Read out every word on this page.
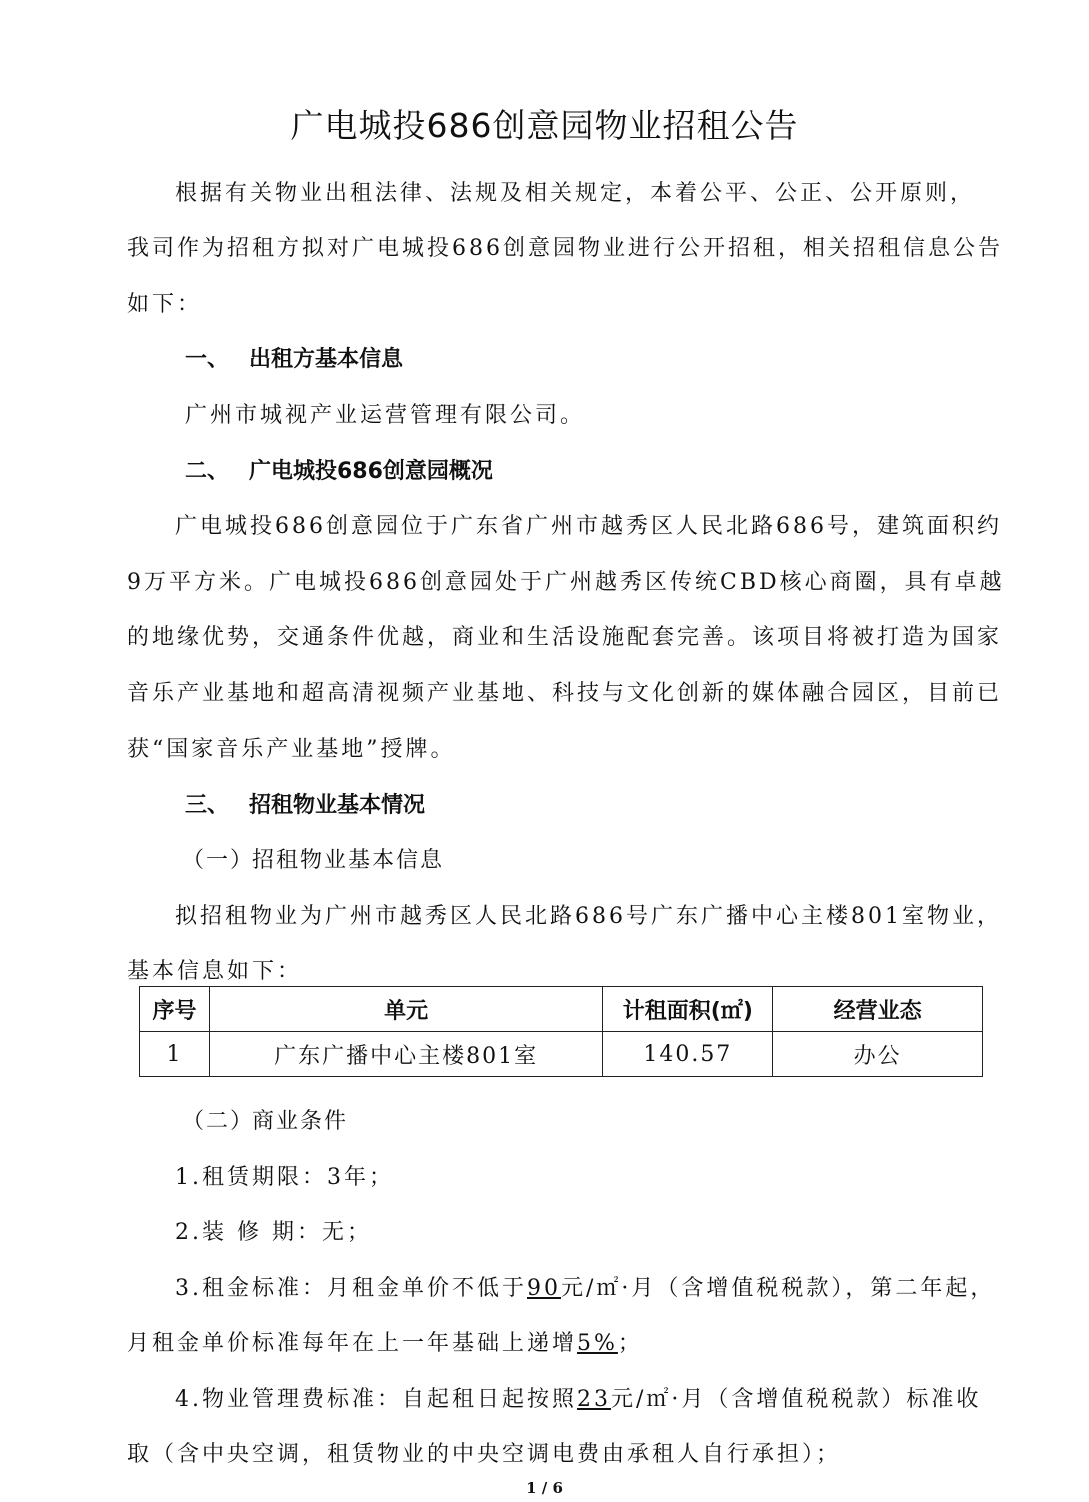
广电城投686创意园物业招租公告
根据有关物业出租法律、法规及相关规定，本着公平、公正、公开原则，
我司作为招租方拟对广电城投686创意园物业进行公开招租，相关招租信息公告
如下：
一、 出租方基本信息
广州市城视产业运营管理有限公司。
二、 广电城投686创意园概况
广电城投686创意园位于广东省广州市越秀区人民北路686号，建筑面积约
9万平方米。广电城投686创意园处于广州越秀区传统CBD核心商圈，具有卓越
的地缘优势，交通条件优越，商业和生活设施配套完善。该项目将被打造为国家
音乐产业基地和超高清视频产业基地、科技与文化创新的媒体融合园区，目前已
获“国家音乐产业基地”授牌。
三、 招租物业基本情况
（一）招租物业基本信息
拟招租物业为广州市越秀区人民北路686号广东广播中心主楼801室物业，
基本信息如下：
序号	单元	计租面积(㎡)	经营业态
1	广东广播中心主楼801室	140.57	办公
（二）商业条件
1.租赁期限：3年；
2.装 修 期：无；
3.租金标准：月租金单价不低于90元/㎡·月（含增值税税款），第二年起，
月租金单价标准每年在上一年基础上递增5%；
4.物业管理费标准：自起租日起按照23元/㎡·月（含增值税税款）标准收
取（含中央空调，租赁物业的中央空调电费由承租人自行承担）；
1 / 6
